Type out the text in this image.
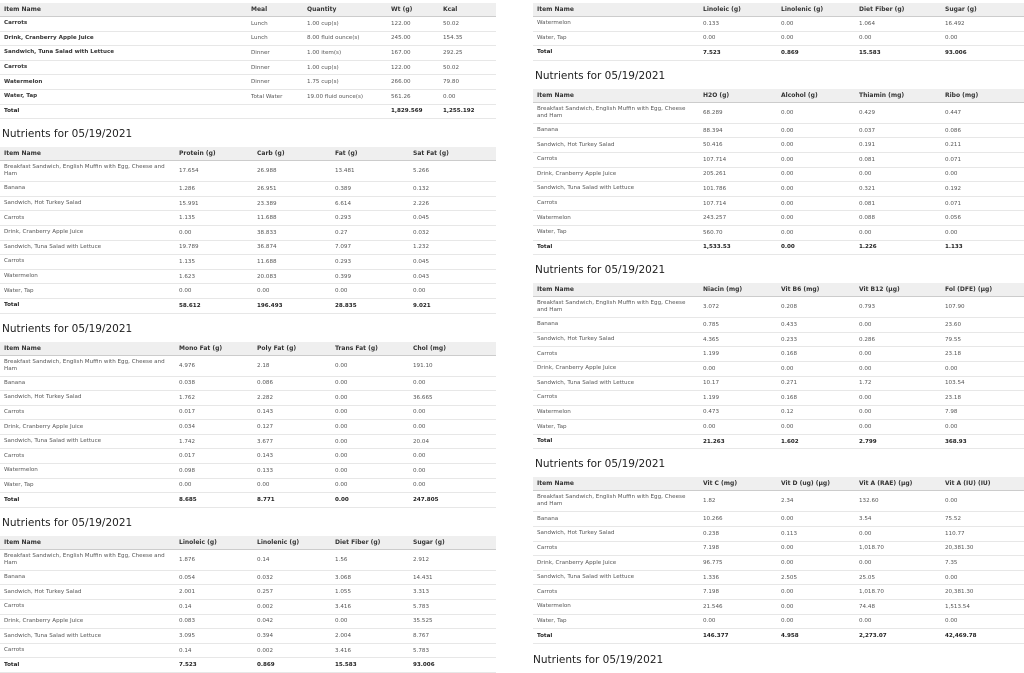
Item Name	Meal	Quantity	Wt (g)	Kcal
Carrots	Lunch	1.00 cup(s)	122.00	50.02
Drink, Cranberry Apple Juice	Lunch	8.00 fluid ounce(s)	245.00	154.35
Sandwich, Tuna Salad with Lettuce	Dinner	1.00 item(s)	167.00	292.25
Carrots	Dinner	1.00 cup(s)	122.00	50.02
Watermelon	Dinner	1.75 cup(s)	266.00	79.80
Water, Tap	Total Water	19.00 fluid ounce(s)	561.26	0.00
Total			1,829.569	1,255.192
Nutrients for 05/19/2021
Item Name	Protein (g)	Carb (g)	Fat (g)	Sat Fat (g)
Breakfast Sandwich, English Muffin with Egg, Cheese and Ham	17.654	26.988	13.481	5.266
Banana	1.286	26.951	0.389	0.132
Sandwich, Hot Turkey Salad	15.991	23.389	6.614	2.226
Carrots	1.135	11.688	0.293	0.045
Drink, Cranberry Apple Juice	0.00	38.833	0.27	0.032
Sandwich, Tuna Salad with Lettuce	19.789	36.874	7.097	1.232
Carrots	1.135	11.688	0.293	0.045
Watermelon	1.623	20.083	0.399	0.043
Water, Tap	0.00	0.00	0.00	0.00
Total	58.612	196.493	28.835	9.021
Nutrients for 05/19/2021
Item Name	Mono Fat (g)	Poly Fat (g)	Trans Fat (g)	Chol (mg)
Breakfast Sandwich, English Muffin with Egg, Cheese and Ham	4.976	2.18	0.00	191.10
Banana	0.038	0.086	0.00	0.00
Sandwich, Hot Turkey Salad	1.762	2.282	0.00	36.665
Carrots	0.017	0.143	0.00	0.00
Drink, Cranberry Apple Juice	0.034	0.127	0.00	0.00
Sandwich, Tuna Salad with Lettuce	1.742	3.677	0.00	20.04
Carrots	0.017	0.143	0.00	0.00
Watermelon	0.098	0.133	0.00	0.00
Water, Tap	0.00	0.00	0.00	0.00
Total	8.685	8.771	0.00	247.805
Nutrients for 05/19/2021
Item Name	Linoleic (g)	Linolenic (g)	Diet Fiber (g)	Sugar (g)
Breakfast Sandwich, English Muffin with Egg, Cheese and Ham	1.876	0.14	1.56	2.912
Banana	0.054	0.032	3.068	14.431
Sandwich, Hot Turkey Salad	2.001	0.257	1.055	3.313
Carrots	0.14	0.002	3.416	5.783
Drink, Cranberry Apple Juice	0.083	0.042	0.00	35.525
Sandwich, Tuna Salad with Lettuce	3.095	0.394	2.004	8.767
Carrots	0.14	0.002	3.416	5.783
Total	7.523	0.869	15.583	93.006
Item Name	Linoleic (g)	Linolenic (g)	Diet Fiber (g)	Sugar (g)
Watermelon	0.133	0.00	1.064	16.492
Water, Tap	0.00	0.00	0.00	0.00
Total	7.523	0.869	15.583	93.006
Nutrients for 05/19/2021
Item Name	H2O (g)	Alcohol (g)	Thiamin (mg)	Ribo (mg)
Breakfast Sandwich, English Muffin with Egg, Cheese and Ham	68.289	0.00	0.429	0.447
Banana	88.394	0.00	0.037	0.086
Sandwich, Hot Turkey Salad	50.416	0.00	0.191	0.211
Carrots	107.714	0.00	0.081	0.071
Drink, Cranberry Apple Juice	205.261	0.00	0.00	0.00
Sandwich, Tuna Salad with Lettuce	101.786	0.00	0.321	0.192
Carrots	107.714	0.00	0.081	0.071
Watermelon	243.257	0.00	0.088	0.056
Water, Tap	560.70	0.00	0.00	0.00
Total	1,533.53	0.00	1.226	1.133
Nutrients for 05/19/2021
Item Name	Niacin (mg)	Vit B6 (mg)	Vit B12 (µg)	Fol (DFE) (µg)
Breakfast Sandwich, English Muffin with Egg, Cheese and Ham	3.072	0.208	0.793	107.90
Banana	0.785	0.433	0.00	23.60
Sandwich, Hot Turkey Salad	4.365	0.233	0.286	79.55
Carrots	1.199	0.168	0.00	23.18
Drink, Cranberry Apple Juice	0.00	0.00	0.00	0.00
Sandwich, Tuna Salad with Lettuce	10.17	0.271	1.72	103.54
Carrots	1.199	0.168	0.00	23.18
Watermelon	0.473	0.12	0.00	7.98
Water, Tap	0.00	0.00	0.00	0.00
Total	21.263	1.602	2.799	368.93
Nutrients for 05/19/2021
Item Name	Vit C (mg)	Vit D (ug) (µg)	Vit A (RAE) (µg)	Vit A (IU) (IU)
Breakfast Sandwich, English Muffin with Egg, Cheese and Ham	1.82	2.34	132.60	0.00
Banana	10.266	0.00	3.54	75.52
Sandwich, Hot Turkey Salad	0.238	0.113	0.00	110.77
Carrots	7.198	0.00	1,018.70	20,381.30
Drink, Cranberry Apple Juice	96.775	0.00	0.00	7.35
Sandwich, Tuna Salad with Lettuce	1.336	2.505	25.05	0.00
Carrots	7.198	0.00	1,018.70	20,381.30
Watermelon	21.546	0.00	74.48	1,513.54
Water, Tap	0.00	0.00	0.00	0.00
Total	146.377	4.958	2,273.07	42,469.78
Nutrients for 05/19/2021
